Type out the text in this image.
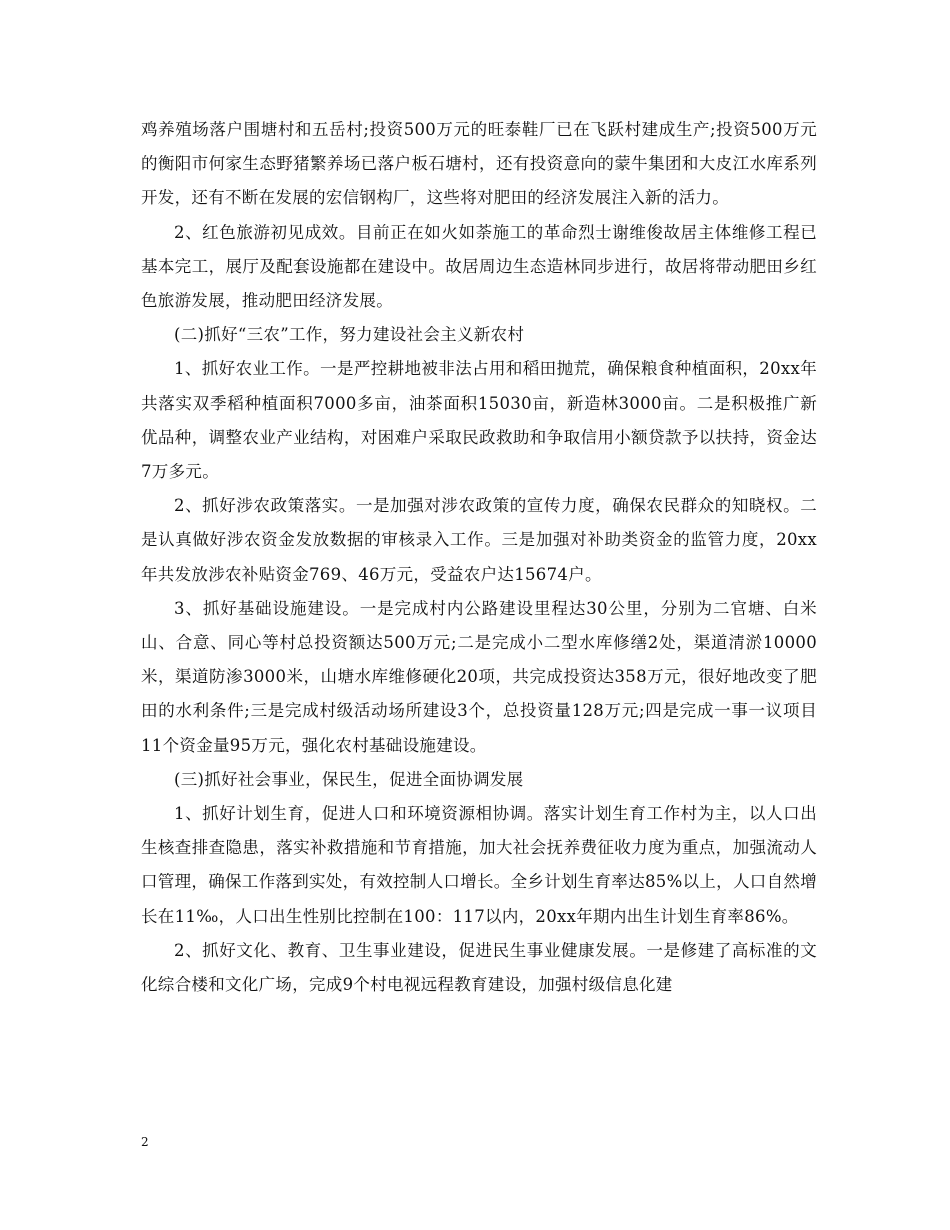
鸡养殖场落户围塘村和五岳村;投资500万元的旺泰鞋厂已在飞跃村建成生产;投资500万元的衡阳市何家生态野猪繁养场已落户板石塘村，还有投资意向的蒙牛集团和大皮江水库系列开发，还有不断在发展的宏信钢构厂，这些将对肥田的经济发展注入新的活力。

2、红色旅游初见成效。目前正在如火如荼施工的革命烈士谢维俊故居主体维修工程已基本完工，展厅及配套设施都在建设中。故居周边生态造林同步进行，故居将带动肥田乡红色旅游发展，推动肥田经济发展。

(二)抓好“三农”工作，努力建设社会主义新农村

1、抓好农业工作。一是严控耕地被非法占用和稻田抛荒，确保粮食种植面积，20xx年共落实双季稻种植面积7000多亩，油茶面积15030亩，新造林3000亩。二是积极推广新优品种，调整农业产业结构，对困难户采取民政救助和争取信用小额贷款予以扶持，资金达7万多元。

2、抓好涉农政策落实。一是加强对涉农政策的宣传力度，确保农民群众的知晓权。二是认真做好涉农资金发放数据的审核录入工作。三是加强对补助类资金的监管力度，20xx年共发放涉农补贴资金769、46万元，受益农户达15674户。

3、抓好基础设施建设。一是完成村内公路建设里程达30公里，分别为二官塘、白米山、合意、同心等村总投资额达500万元;二是完成小二型水库修缮2处，渠道清淤10000米，渠道防渗3000米，山塘水库维修硬化20项，共完成投资达358万元，很好地改变了肥田的水利条件;三是完成村级活动场所建设3个，总投资量128万元;四是完成一事一议项目11个资金量95万元，强化农村基础设施建设。

(三)抓好社会事业，保民生，促进全面协调发展

1、抓好计划生育，促进人口和环境资源相协调。落实计划生育工作村为主，以人口出生核查排查隐患，落实补救措施和节育措施，加大社会抚养费征收力度为重点，加强流动人口管理，确保工作落到实处，有效控制人口增长。全乡计划生育率达85%以上，人口自然增长在11‰，人口出生性别比控制在100：117以内，20xx年期内出生计划生育率86%。

2、抓好文化、教育、卫生事业建设，促进民生事业健康发展。一是修建了高标准的文化综合楼和文化广场，完成9个村电视远程教育建设，加强村级信息化建

2
